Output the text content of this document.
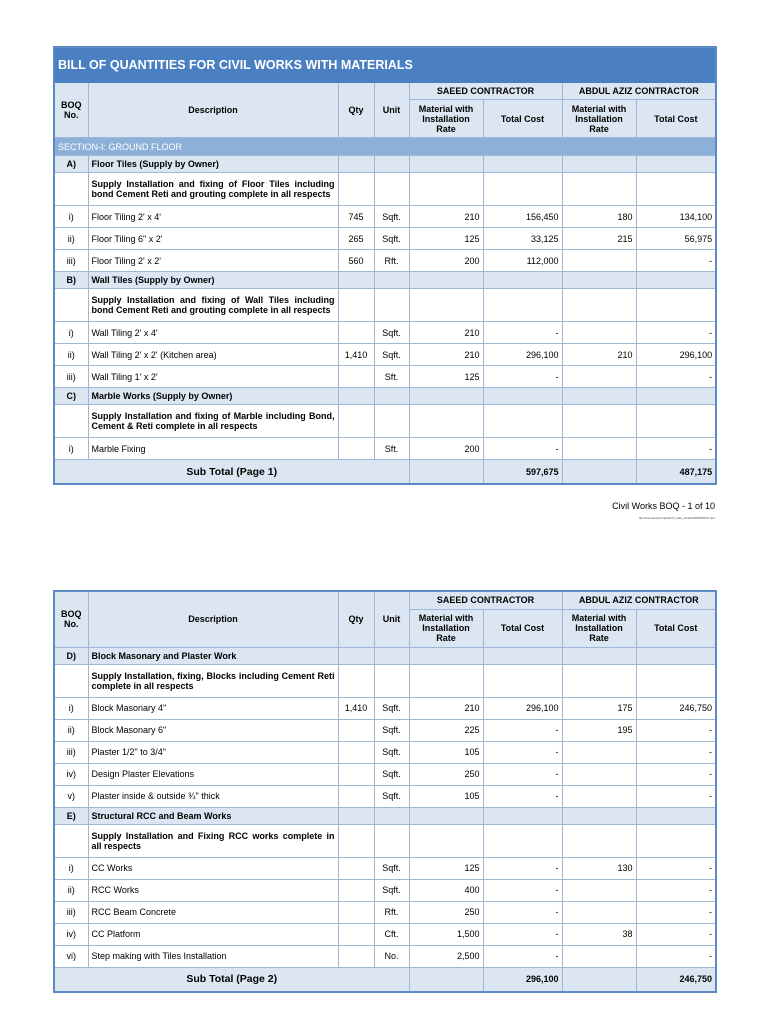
BILL OF QUANTITIES FOR CIVIL WORKS WITH MATERIALS							
BOQ No.	Description	Qty	Unit	SAEED CONTRACTOR		ABDUL AZIZ CONTRACTOR	
				Material with Installation Rate	Total Cost	Material with Installation Rate	Total Cost
SECTION-I: GROUND FLOOR							
A)	Floor Tiles (Supply by Owner)						
	Supply Installation and fixing of Floor Tiles including bond Cement Reti and grouting complete in all respects						
i)	Floor Tiling 2' x 4'	745	Sqft.	210	156,450	180	134,100
ii)	Floor Tiling 6" x 2'	265	Sqft.	125	33,125	215	56,975
iii)	Floor Tiling 2' x 2'	560	Rft.	200	112,000		-
B)	Wall Tiles (Supply by Owner)						
	Supply Installation and fixing of Wall Tiles including bond Cement Reti and grouting complete in all respects						
i)	Wall Tiling 2' x 4'		Sqft.	210	-		-
ii)	Wall Tiling 2' x 2' (Kitchen area)	1,410	Sqft.	210	296,100	210	296,100
iii)	Wall Tiling 1' x 2'		Sft.	125	-		-
C)	Marble Works (Supply by Owner)						
	Supply Installation and fixing of Marble including Bond, Cement & Reti complete in all respects						
i)	Marble Fixing		Sft.	200	-		-
Sub Total (Page 1)					597,675		487,175
Civil Works BOQ - 1 of 10
file:///server/xtm/tmp/eth/rb_task_scratch/843255670.xlsx
BOQ No.	Description	Qty	Unit	SAEED CONTRACTOR		ABDUL AZIZ CONTRACTOR	
				Material with Installation Rate	Total Cost	Material with Installation Rate	Total Cost
D)	Block Masonary and Plaster Work						
	Supply Installation, fixing, Blocks including Cement Reti complete in all respects						
i)	Block Masonary 4"	1,410	Sqft.	210	296,100	175	246,750
ii)	Block Masonary 6"		Sqft.	225	-	195	-
iii)	Plaster 1/2" to 3/4"		Sqft.	105	-		-
iv)	Design Plaster Elevations		Sqft.	250	-		-
v)	Plaster inside & outside ¾" thick		Sqft.	105	-		-
E)	Structural RCC and Beam Works						
	Supply Installation and Fixing RCC works complete in all respects						
i)	CC Works		Sqft.	125	-	130	-
ii)	RCC Works		Sqft.	400	-		-
iii)	RCC Beam Concrete		Rft.	250	-		-
iv)	CC Platform		Cft.	1,500	-	38	-
vi)	Step making with Tiles Installation		No.	2,500	-		-
Sub Total (Page 2)					296,100		246,750
